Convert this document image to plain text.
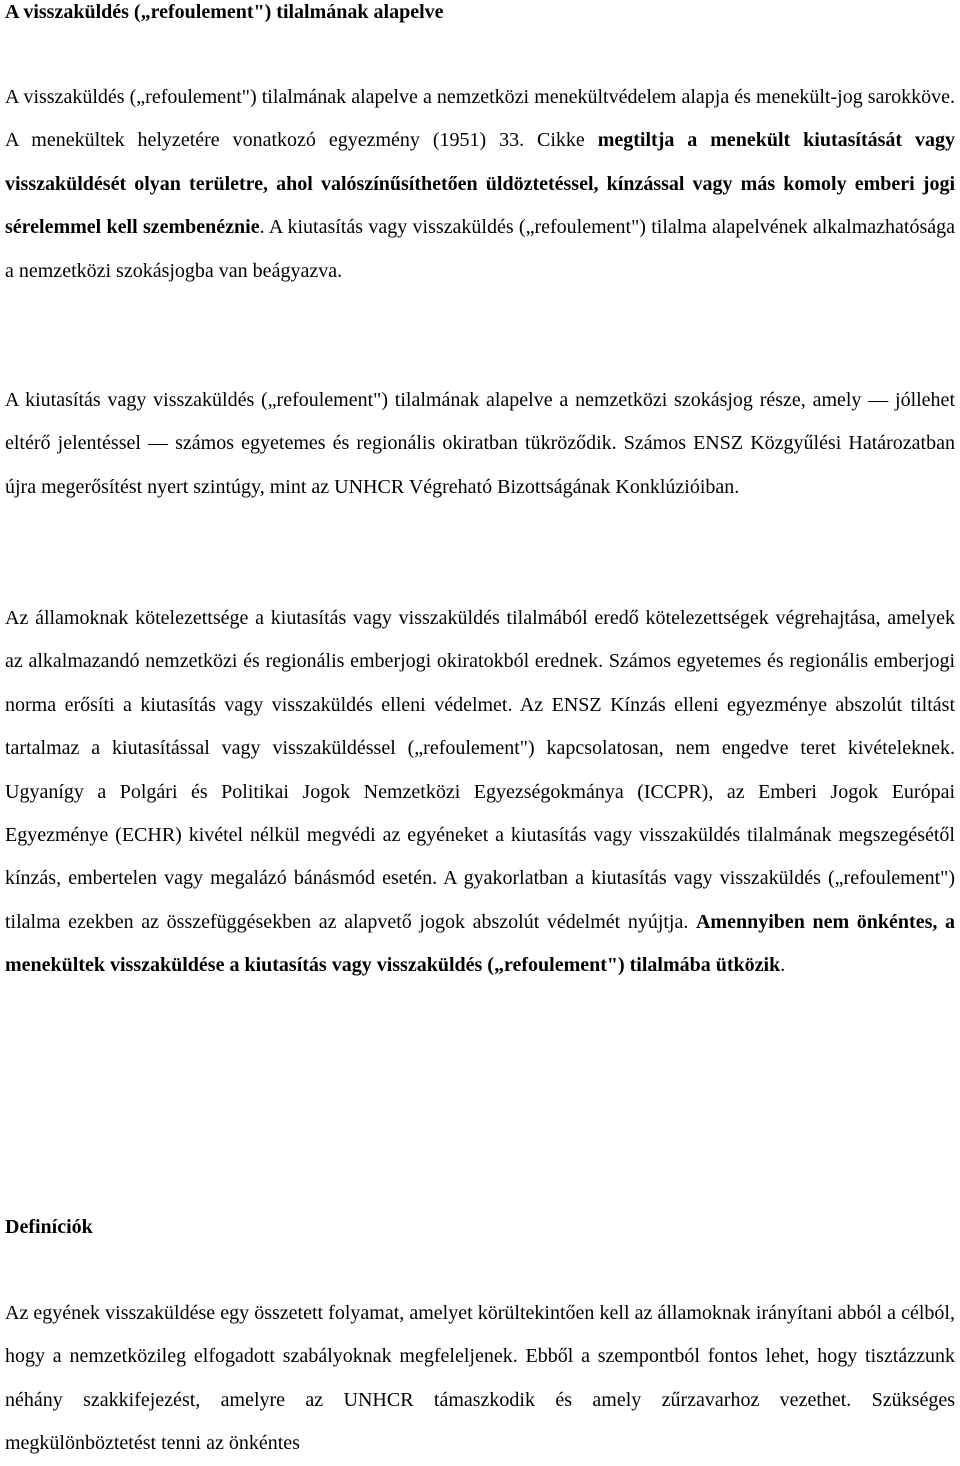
A visszaküldés („refoulement") tilalmának alapelve

A visszaküldés („refoulement") tilalmának alapelve a nemzetközi menekültvédelem alapja és menekült-jog sarokköve. A menekültek helyzetére vonatkozó egyezmény (1951) 33. Cikke megtiltja a menekült kiutasítását vagy visszaküldését olyan területre, ahol valószínűsíthetően üldöztetéssel, kínzással vagy más komoly emberi jogi sérelemmel kell szembenéznie. A kiutasítás vagy visszaküldés („refoulement") tilalma alapelvének alkalmazhatósága a nemzetközi szokásjogba van beágyazva.

A kiutasítás vagy visszaküldés („refoulement") tilalmának alapelve a nemzetközi szokásjog része, amely — jóllehet eltérő jelentéssel — számos egyetemes és regionális okiratban tükröződik. Számos ENSZ Közgyűlési Határozatban újra megerősítést nyert szintúgy, mint az UNHCR Végreható Bizottságának Konklúzióiban.

Az államoknak kötelezettsége a kiutasítás vagy visszaküldés tilalmából eredő kötelezettségek végrehajtása, amelyek az alkalmazandó nemzetközi és regionális emberjogi okiratokból erednek. Számos egyetemes és regionális emberjogi norma erősíti a kiutasítás vagy visszaküldés elleni védelmet. Az ENSZ Kínzás elleni egyezménye abszolút tiltást tartalmaz a kiutasítással vagy visszaküldéssel („refoulement") kapcsolatosan, nem engedve teret kivételeknek. Ugyanígy a Polgári és Politikai Jogok Nemzetközi Egyezségokmánya (ICCPR), az Emberi Jogok Európai Egyezménye (ECHR) kivétel nélkül megvédi az egyéneket a kiutasítás vagy visszaküldés tilalmának megszegésétől kínzás, embertelen vagy megalázó bánásmód esetén. A gyakorlatban a kiutasítás vagy visszaküldés („refoulement") tilalma ezekben az összefüggésekben az alapvető jogok abszolút védelmét nyújtja. Amennyiben nem önkéntes, a menekültek visszaküldése a kiutasítás vagy visszaküldés („refoulement") tilalmába ütközik.

Definíciók

Az egyének visszaküldése egy összetett folyamat, amelyet körültekintően kell az államoknak irányítani abból a célból, hogy a nemzetközileg elfogadott szabályoknak megfeleljenek. Ebből a szempontból fontos lehet, hogy tisztázzunk néhány szakkifejezést, amelyre az UNHCR támaszkodik és amely zűrzavarhoz vezethet. Szükséges megkülönböztetést tenni az önkéntes
